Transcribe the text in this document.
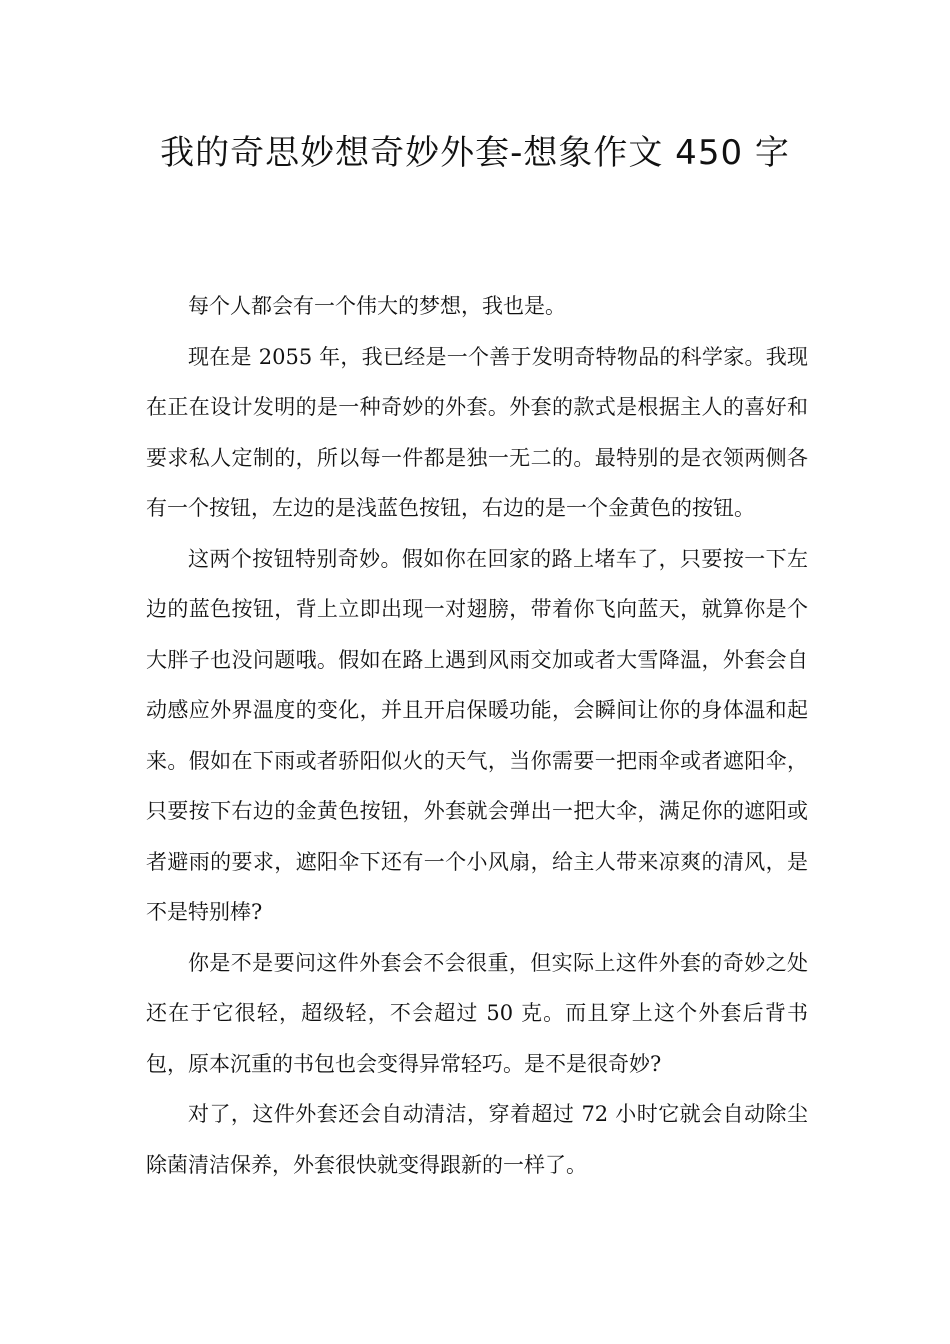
我的奇思妙想奇妙外套-想象作文 450 字

每个人都会有一个伟大的梦想，我也是。

现在是 2055 年，我已经是一个善于发明奇特物品的科学家。我现在正在设计发明的是一种奇妙的外套。外套的款式是根据主人的喜好和要求私人定制的，所以每一件都是独一无二的。最特别的是衣领两侧各有一个按钮，左边的是浅蓝色按钮，右边的是一个金黄色的按钮。

这两个按钮特别奇妙。假如你在回家的路上堵车了，只要按一下左边的蓝色按钮，背上立即出现一对翅膀，带着你飞向蓝天，就算你是个大胖子也没问题哦。假如在路上遇到风雨交加或者大雪降温，外套会自动感应外界温度的变化，并且开启保暖功能，会瞬间让你的身体温和起来。假如在下雨或者骄阳似火的天气，当你需要一把雨伞或者遮阳伞，只要按下右边的金黄色按钮，外套就会弹出一把大伞，满足你的遮阳或者避雨的要求，遮阳伞下还有一个小风扇，给主人带来凉爽的清风，是不是特别棒?

你是不是要问这件外套会不会很重，但实际上这件外套的奇妙之处还在于它很轻，超级轻，不会超过 50 克。而且穿上这个外套后背书包，原本沉重的书包也会变得异常轻巧。是不是很奇妙?

对了，这件外套还会自动清洁，穿着超过 72 小时它就会自动除尘除菌清洁保养，外套很快就变得跟新的一样了。
